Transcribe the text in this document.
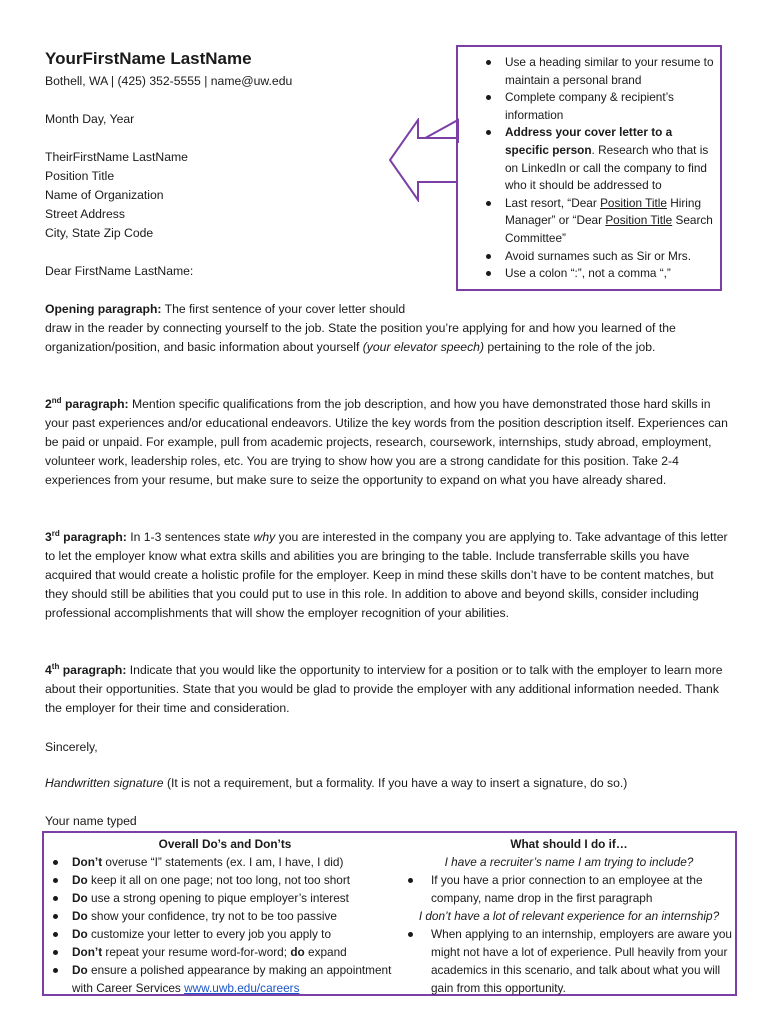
YourFirstName LastName
Bothell, WA | (425) 352-5555 | name@uw.edu
Month Day, Year
TheirFirstName LastName
Position Title
Name of Organization
Street Address
City, State Zip Code
Dear FirstName LastName:
Use a heading similar to your resume to maintain a personal brand
Complete company & recipient’s information
Address your cover letter to a specific person. Research who that is on LinkedIn or call the company to find who it should be addressed to
Last resort, “Dear Position Title Hiring Manager” or “Dear Position Title Search Committee”
Avoid surnames such as Sir or Mrs.
Use a colon “:”, not a comma “,”
Opening paragraph: The first sentence of your cover letter should
draw in the reader by connecting yourself to the job. State the position you’re applying for and how you learned of the organization/position, and basic information about yourself (your elevator speech) pertaining to the role of the job.
2nd paragraph: Mention specific qualifications from the job description, and how you have demonstrated those hard skills in your past experiences and/or educational endeavors. Utilize the key words from the position description itself. Experiences can be paid or unpaid. For example, pull from academic projects, research, coursework, internships, study abroad, employment, volunteer work, leadership roles, etc. You are trying to show how you are a strong candidate for this position. Take 2-4 experiences from your resume, but make sure to seize the opportunity to expand on what you have already shared.
3rd paragraph: In 1-3 sentences state why you are interested in the company you are applying to. Take advantage of this letter to let the employer know what extra skills and abilities you are bringing to the table. Include transferrable skills you have acquired that would create a holistic profile for the employer. Keep in mind these skills don’t have to be content matches, but they should still be abilities that you could put to use in this role. In addition to above and beyond skills, consider including professional accomplishments that will show the employer recognition of your abilities.
4th paragraph: Indicate that you would like the opportunity to interview for a position or to talk with the employer to learn more about their opportunities. State that you would be glad to provide the employer with any additional information needed. Thank the employer for their time and consideration.
Sincerely,
Handwritten signature (It is not a requirement, but a formality. If you have a way to insert a signature, do so.)
Your name typed
Overall Do’s and Don’ts
Don’t overuse “I” statements (ex. I am, I have, I did)
Do keep it all on one page; not too long, not too short
Do use a strong opening to pique employer’s interest
Do show your confidence, try not to be too passive
Do customize your letter to every job you apply to
Don’t repeat your resume word-for-word; do expand
Do ensure a polished appearance by making an appointment with Career Services www.uwb.edu/careers
What should I do if…
I have a recruiter’s name I am trying to include?
If you have a prior connection to an employee at the company, name drop in the first paragraph
I don’t have a lot of relevant experience for an internship?
When applying to an internship, employers are aware you might not have a lot of experience. Pull heavily from your academics in this scenario, and talk about what you will gain from this opportunity.
